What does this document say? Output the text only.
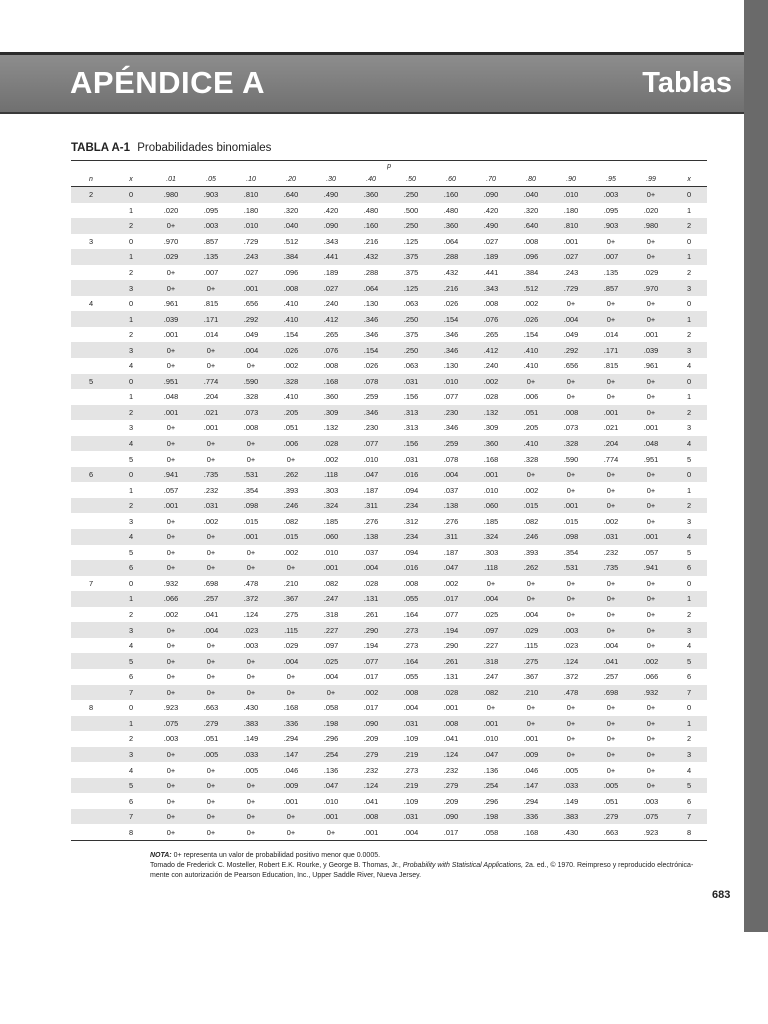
APÉNDICE A	Tablas
TABLA A-1 Probabilidades binomiales
p															
n	x	.01	.05	.10	.20	.30	.40	.50	.60	.70	.80	.90	.95	.99	x
2	0	.980	.903	.810	.640	.490	.360	.250	.160	.090	.040	.010	.003	0+	0
	1	.020	.095	.180	.320	.420	.480	.500	.480	.420	.320	.180	.095	.020	1
	2	0+	.003	.010	.040	.090	.160	.250	.360	.490	.640	.810	.903	.980	2
3	0	.970	.857	.729	.512	.343	.216	.125	.064	.027	.008	.001	0+	0+	0
	1	.029	.135	.243	.384	.441	.432	.375	.288	.189	.096	.027	.007	0+	1
	2	0+	.007	.027	.096	.189	.288	.375	.432	.441	.384	.243	.135	.029	2
	3	0+	0+	.001	.008	.027	.064	.125	.216	.343	.512	.729	.857	.970	3
4	0	.961	.815	.656	.410	.240	.130	.063	.026	.008	.002	0+	0+	0+	0
	1	.039	.171	.292	.410	.412	.346	.250	.154	.076	.026	.004	0+	0+	1
	2	.001	.014	.049	.154	.265	.346	.375	.346	.265	.154	.049	.014	.001	2
	3	0+	0+	.004	.026	.076	.154	.250	.346	.412	.410	.292	.171	.039	3
	4	0+	0+	0+	.002	.008	.026	.063	.130	.240	.410	.656	.815	.961	4
5	0	.951	.774	.590	.328	.168	.078	.031	.010	.002	0+	0+	0+	0+	0
	1	.048	.204	.328	.410	.360	.259	.156	.077	.028	.006	0+	0+	0+	1
	2	.001	.021	.073	.205	.309	.346	.313	.230	.132	.051	.008	.001	0+	2
	3	0+	.001	.008	.051	.132	.230	.313	.346	.309	.205	.073	.021	.001	3
	4	0+	0+	0+	.006	.028	.077	.156	.259	.360	.410	.328	.204	.048	4
	5	0+	0+	0+	0+	.002	.010	.031	.078	.168	.328	.590	.774	.951	5
6	0	.941	.735	.531	.262	.118	.047	.016	.004	.001	0+	0+	0+	0+	0
	1	.057	.232	.354	.393	.303	.187	.094	.037	.010	.002	0+	0+	0+	1
	2	.001	.031	.098	.246	.324	.311	.234	.138	.060	.015	.001	0+	0+	2
	3	0+	.002	.015	.082	.185	.276	.312	.276	.185	.082	.015	.002	0+	3
	4	0+	0+	.001	.015	.060	.138	.234	.311	.324	.246	.098	.031	.001	4
	5	0+	0+	0+	.002	.010	.037	.094	.187	.303	.393	.354	.232	.057	5
	6	0+	0+	0+	0+	.001	.004	.016	.047	.118	.262	.531	.735	.941	6
7	0	.932	.698	.478	.210	.082	.028	.008	.002	0+	0+	0+	0+	0+	0
	1	.066	.257	.372	.367	.247	.131	.055	.017	.004	0+	0+	0+	0+	1
	2	.002	.041	.124	.275	.318	.261	.164	.077	.025	.004	0+	0+	0+	2
	3	0+	.004	.023	.115	.227	.290	.273	.194	.097	.029	.003	0+	0+	3
	4	0+	0+	.003	.029	.097	.194	.273	.290	.227	.115	.023	.004	0+	4
	5	0+	0+	0+	.004	.025	.077	.164	.261	.318	.275	.124	.041	.002	5
	6	0+	0+	0+	0+	.004	.017	.055	.131	.247	.367	.372	.257	.066	6
	7	0+	0+	0+	0+	0+	.002	.008	.028	.082	.210	.478	.698	.932	7
8	0	.923	.663	.430	.168	.058	.017	.004	.001	0+	0+	0+	0+	0+	0
	1	.075	.279	.383	.336	.198	.090	.031	.008	.001	0+	0+	0+	0+	1
	2	.003	.051	.149	.294	.296	.209	.109	.041	.010	.001	0+	0+	0+	2
	3	0+	.005	.033	.147	.254	.279	.219	.124	.047	.009	0+	0+	0+	3
	4	0+	0+	.005	.046	.136	.232	.273	.232	.136	.046	.005	0+	0+	4
	5	0+	0+	0+	.009	.047	.124	.219	.279	.254	.147	.033	.005	0+	5
	6	0+	0+	0+	.001	.010	.041	.109	.209	.296	.294	.149	.051	.003	6
	7	0+	0+	0+	0+	.001	.008	.031	.090	.198	.336	.383	.279	.075	7
	8	0+	0+	0+	0+	0+	.001	.004	.017	.058	.168	.430	.663	.923	8

NOTA: 0+ representa un valor de probabilidad positivo menor que 0.0005.

Tomado de Frederick C. Mosteller, Robert E.K. Rourke, y George B. Thomas, Jr., Probability with Statistical Applications, 2a. ed., © 1970. Reimpreso y reproducido electrónica-

mente con autorización de Pearson Education, Inc., Upper Saddle River, Nueva Jersey.

683
